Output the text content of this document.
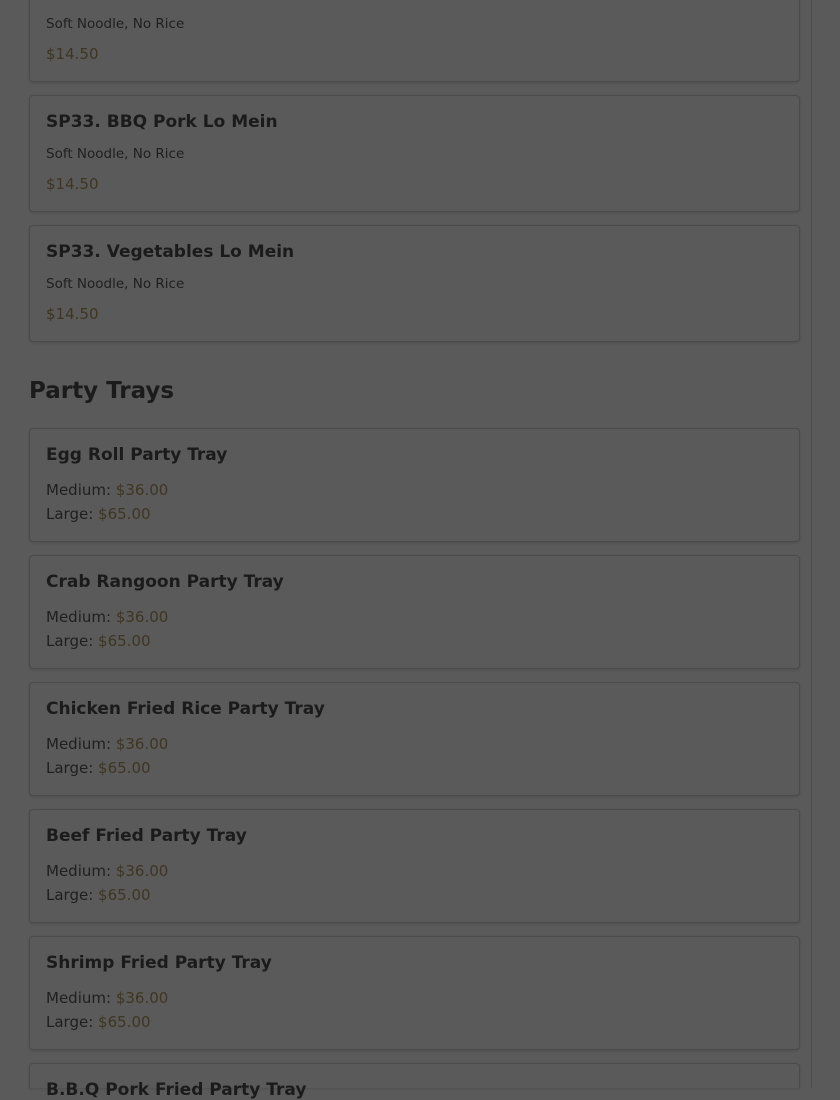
Soft Noodle, No Rice
$14.50
SP33. BBQ Pork Lo Mein
Soft Noodle, No Rice
$14.50
SP33. Vegetables Lo Mein
Soft Noodle, No Rice
$14.50
Party Trays
Egg Roll Party Tray
Medium: $36.00
Large: $65.00
Crab Rangoon Party Tray
Medium: $36.00
Large: $65.00
Chicken Fried Rice Party Tray
Medium: $36.00
Large: $65.00
Beef Fried Party Tray
Medium: $36.00
Large: $65.00
Shrimp Fried Party Tray
Medium: $36.00
Large: $65.00
B.B.Q Pork Fried Party Tray
